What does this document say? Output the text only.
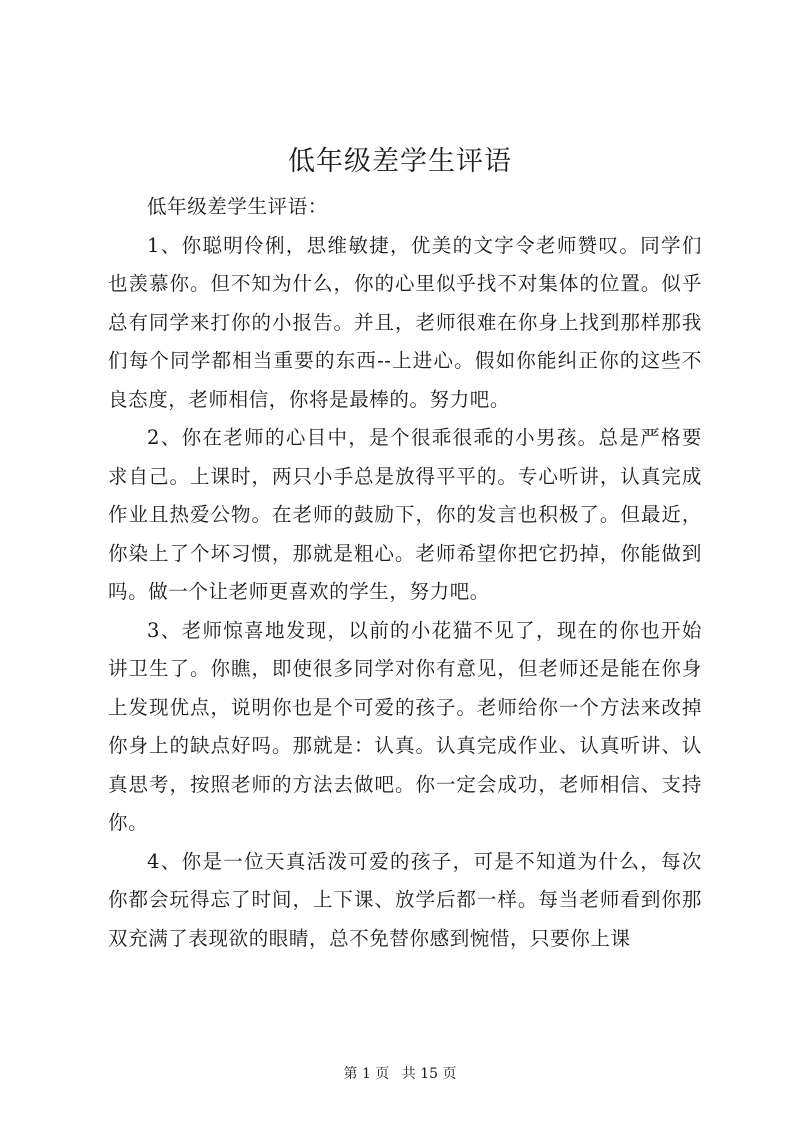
低年级差学生评语

低年级差学生评语：

1、你聪明伶俐，思维敏捷，优美的文字令老师赞叹。同学们也羡慕你。但不知为什么，你的心里似乎找不对集体的位置。似乎总有同学来打你的小报告。并且，老师很难在你身上找到那样那我们每个同学都相当重要的东西--上进心。假如你能纠正你的这些不良态度，老师相信，你将是最棒的。努力吧。

2、你在老师的心目中，是个很乖很乖的小男孩。总是严格要求自己。上课时，两只小手总是放得平平的。专心听讲，认真完成作业且热爱公物。在老师的鼓励下，你的发言也积极了。但最近，你染上了个坏习惯，那就是粗心。老师希望你把它扔掉，你能做到吗。做一个让老师更喜欢的学生，努力吧。

3、老师惊喜地发现，以前的小花猫不见了，现在的你也开始讲卫生了。你瞧，即使很多同学对你有意见，但老师还是能在你身上发现优点，说明你也是个可爱的孩子。老师给你一个方法来改掉你身上的缺点好吗。那就是：认真。认真完成作业、认真听讲、认真思考，按照老师的方法去做吧。你一定会成功，老师相信、支持你。

4、你是一位天真活泼可爱的孩子，可是不知道为什么，每次你都会玩得忘了时间，上下课、放学后都一样。每当老师看到你那双充满了表现欲的眼睛，总不免替你感到惋惜，只要你上课

第 1 页 共 15 页
